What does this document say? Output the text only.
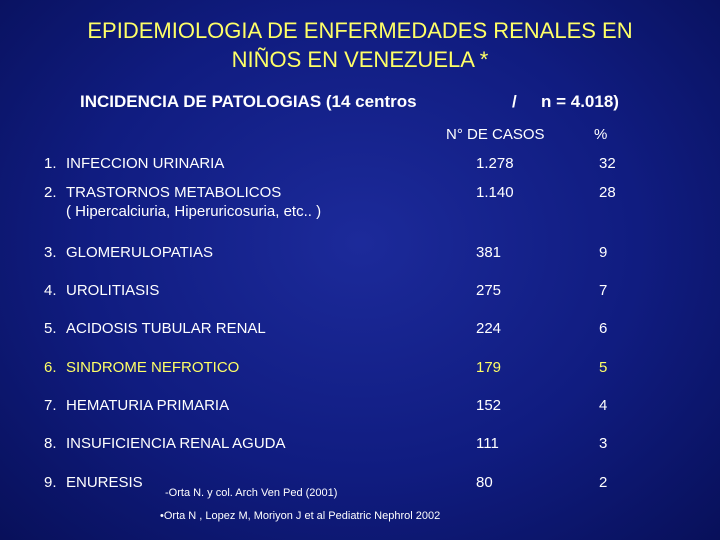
EPIDEMIOLOGIA DE ENFERMEDADES RENALES EN
NIÑOS EN VENEZUELA *
INCIDENCIA DE PATOLOGIAS (14 centros	/ n = 4.018)
N° DE CASOS	%
1. INFECCION URINARIA	1.278	32
2. TRASTORNOS METABOLICOS
( Hipercalciuria, Hiperuricosuria, etc.. )
1.140	28
3. GLOMERULOPATIAS	381	9
4. UROLITIASIS	275	7
5. ACIDOSIS TUBULAR RENAL	224	6
6. SINDROME NEFROTICO	179	5
7. HEMATURIA PRIMARIA	152	4
8. INSUFICIENCIA RENAL AGUDA	111	3
9. ENURESIS	80	2
-Orta N. y col. Arch Ven Ped (2001)
•Orta N , Lopez M, Moriyon J et al Pediatric Nephrol 2002
